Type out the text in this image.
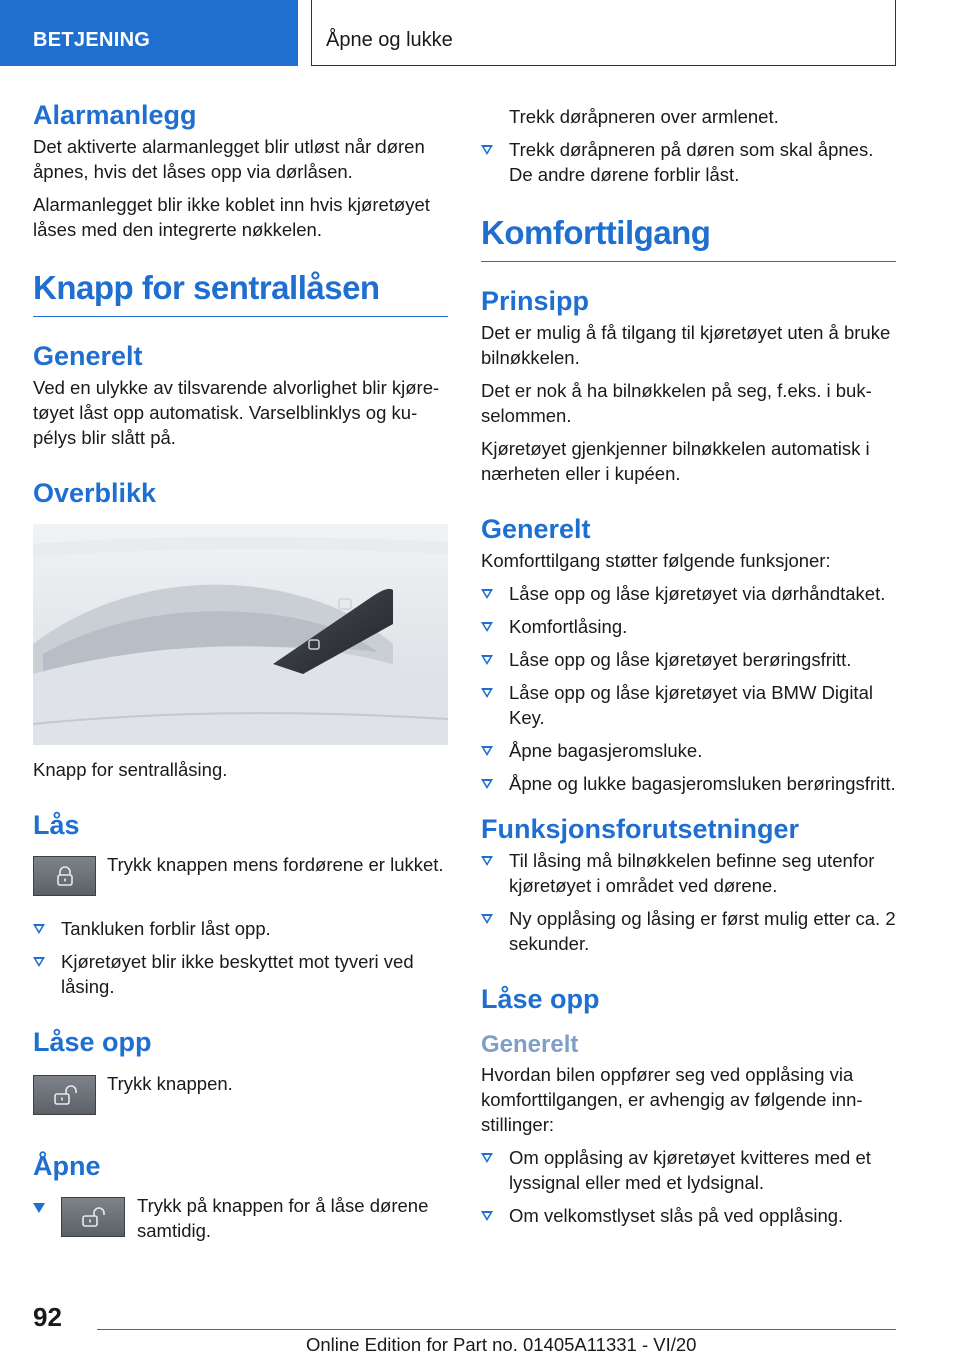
BETJENING	Åpne og lukke
Alarmanlegg

Det aktiverte alarmanlegget blir utløst når døren åpnes, hvis det låses opp via dørlåsen.

Alarmanlegget blir ikke koblet inn hvis kjøretøyet låses med den integrerte nøkkelen.

Knapp for sentrallåsen
Generelt

Ved en ulykke av tilsvarende alvorlighet blir kjøretøyet låst opp automatisk. Varselblinklys og kupélys blir slått på.

Overblikk

Knapp for sentrallåsing.

Lås
Trykk knappen mens fordørene er lukket.
Tankluken forblir låst opp.
Kjøretøyet blir ikke beskyttet mot tyveri ved låsing.
Låse opp
Trykk knappen.
Åpne
Trykk på knappen for å låse dørene samtidig.

Trekk døråpneren over armlenet.

Trekk døråpneren på døren som skal åpnes. De andre dørene forblir låst.
Komforttilgang
Prinsipp

Det er mulig å få tilgang til kjøretøyet uten å bruke bilnøkkelen.

Det er nok å ha bilnøkkelen på seg, f.eks. i bukselommen.

Kjøretøyet gjenkjenner bilnøkkelen automatisk i nærheten eller i kupéen.

Generelt

Komforttilgang støtter følgende funksjoner:

Låse opp og låse kjøretøyet via dørhåndtaket.
Komfortlåsing.
Låse opp og låse kjøretøyet berøringsfritt.
Låse opp og låse kjøretøyet via BMW Digital Key.
Åpne bagasjeromsluke.
Åpne og lukke bagasjeromsluken berøringsfritt.
Funksjonsforutsetninger
Til låsing må bilnøkkelen befinne seg utenfor kjøretøyet i området ved dørene.
Ny opplåsing og låsing er først mulig etter ca. 2 sekunder.
Låse opp
Generelt

Hvordan bilen oppfører seg ved opplåsing via komforttilgangen, er avhengig av følgende innstillinger:

Om opplåsing av kjøretøyet kvitteres med et lyssignal eller med et lydsignal.
Om velkomstlyset slås på ved opplåsing.
92
Online Edition for Part no. 01405A11331 - VI/20
